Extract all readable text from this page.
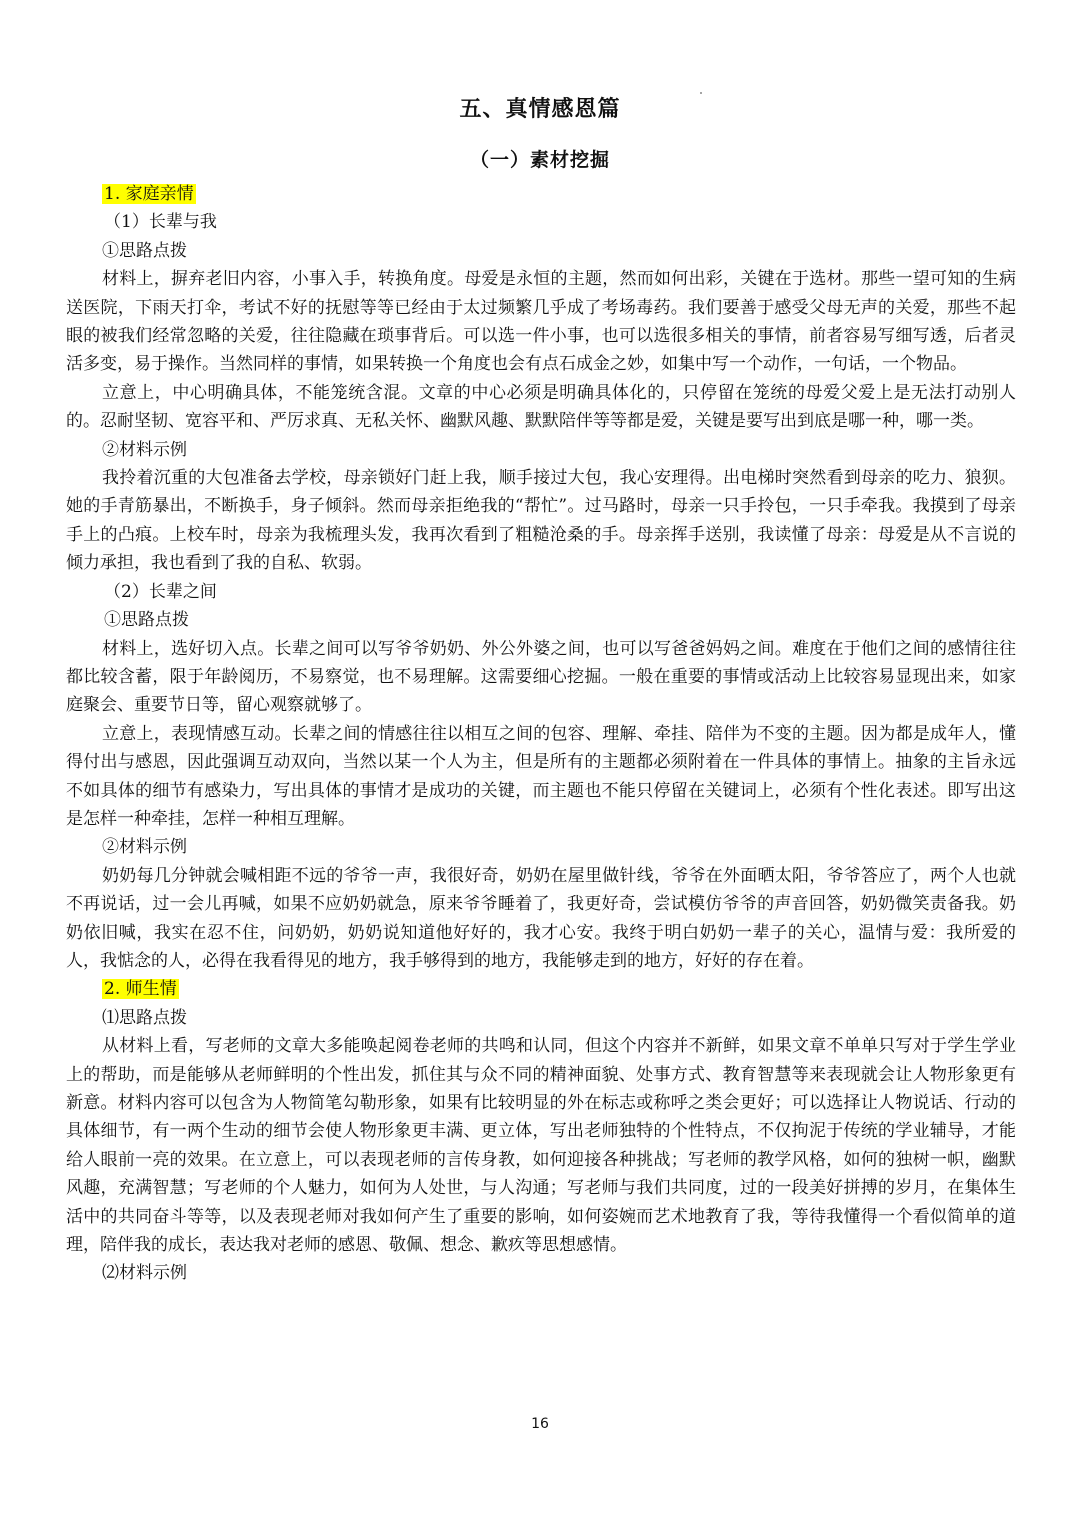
五、真情感恩篇
（一）素材挖掘
1. 家庭亲情
（1）长辈与我
①思路点拨

材料上，摒弃老旧内容，小事入手，转换角度。母爱是永恒的主题，然而如何出彩，关键在于选材。那些一望可知的生病送医院，下雨天打伞，考试不好的抚慰等等已经由于太过频繁几乎成了考场毒药。我们要善于感受父母无声的关爱，那些不起眼的被我们经常忽略的关爱，往往隐藏在琐事背后。可以选一件小事，也可以选很多相关的事情，前者容易写细写透，后者灵活多变，易于操作。当然同样的事情，如果转换一个角度也会有点石成金之妙，如集中写一个动作，一句话，一个物品。

立意上，中心明确具体，不能笼统含混。文章的中心必须是明确具体化的，只停留在笼统的母爱父爱上是无法打动别人的。忍耐坚韧、宽容平和、严厉求真、无私关怀、幽默风趣、默默陪伴等等都是爱，关键是要写出到底是哪一种，哪一类。

②材料示例

我拎着沉重的大包准备去学校，母亲锁好门赶上我，顺手接过大包，我心安理得。出电梯时突然看到母亲的吃力、狼狈。她的手青筋暴出，不断换手，身子倾斜。然而母亲拒绝我的“帮忙”。过马路时，母亲一只手拎包，一只手牵我。我摸到了母亲手上的凸痕。上校车时，母亲为我梳理头发，我再次看到了粗糙沧桑的手。母亲挥手送别，我读懂了母亲：母爱是从不言说的倾力承担，我也看到了我的自私、软弱。

（2）长辈之间
①思路点拨

材料上，选好切入点。长辈之间可以写爷爷奶奶、外公外婆之间，也可以写爸爸妈妈之间。难度在于他们之间的感情往往都比较含蓄，限于年龄阅历，不易察觉，也不易理解。这需要细心挖掘。一般在重要的事情或活动上比较容易显现出来，如家庭聚会、重要节日等，留心观察就够了。

立意上，表现情感互动。长辈之间的情感往往以相互之间的包容、理解、牵挂、陪伴为不变的主题。因为都是成年人，懂得付出与感恩，因此强调互动双向，当然以某一个人为主，但是所有的主题都必须附着在一件具体的事情上。抽象的主旨永远不如具体的细节有感染力，写出具体的事情才是成功的关键，而主题也不能只停留在关键词上，必须有个性化表述。即写出这是怎样一种牵挂，怎样一种相互理解。

②材料示例

奶奶每几分钟就会喊相距不远的爷爷一声，我很好奇，奶奶在屋里做针线，爷爷在外面晒太阳，爷爷答应了，两个人也就不再说话，过一会儿再喊，如果不应奶奶就急，原来爷爷睡着了，我更好奇，尝试模仿爷爷的声音回答，奶奶微笑责备我。奶奶依旧喊，我实在忍不住，问奶奶，奶奶说知道他好好的，我才心安。我终于明白奶奶一辈子的关心，温情与爱：我所爱的人，我惦念的人，必得在我看得见的地方，我手够得到的地方，我能够走到的地方，好好的存在着。

2. 师生情
⑴思路点拨

从材料上看，写老师的文章大多能唤起阅卷老师的共鸣和认同，但这个内容并不新鲜，如果文章不单单只写对于学生学业上的帮助，而是能够从老师鲜明的个性出发，抓住其与众不同的精神面貌、处事方式、教育智慧等来表现就会让人物形象更有新意。材料内容可以包含为人物简笔勾勒形象，如果有比较明显的外在标志或称呼之类会更好；可以选择让人物说话、行动的具体细节，有一两个生动的细节会使人物形象更丰满、更立体，写出老师独特的个性特点，不仅拘泥于传统的学业辅导，才能给人眼前一亮的效果。在立意上，可以表现老师的言传身教，如何迎接各种挑战；写老师的教学风格，如何的独树一帜，幽默风趣，充满智慧；写老师的个人魅力，如何为人处世，与人沟通；写老师与我们共同度，过的一段美好拼搏的岁月，在集体生活中的共同奋斗等等，以及表现老师对我如何产生了重要的影响，如何姿婉而艺术地教育了我，等待我懂得一个看似简单的道理，陪伴我的成长，表达我对老师的感恩、敬佩、想念、歉疚等思想感情。

⑵材料示例
16
